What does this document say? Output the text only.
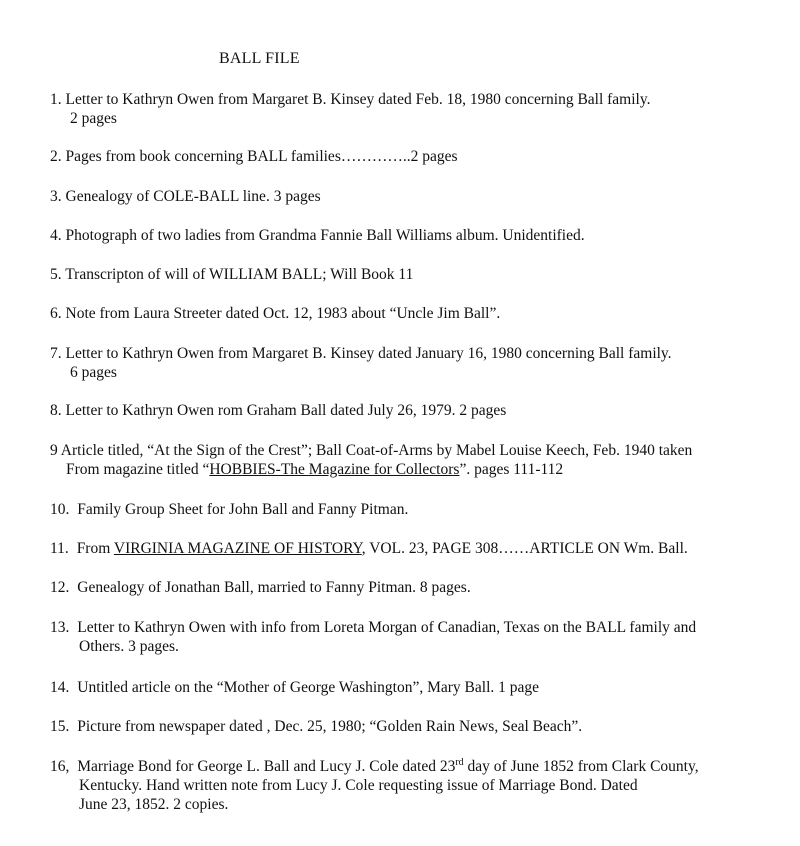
BALL FILE
1. Letter to Kathryn Owen from Margaret B. Kinsey dated Feb. 18, 1980 concerning Ball family.
2 pages
2. Pages from book concerning BALL families…………..2 pages
3. Genealogy of COLE-BALL line. 3 pages
4. Photograph of two ladies from Grandma Fannie Ball Williams album. Unidentified.
5. Transcripton of will of WILLIAM BALL; Will Book 11
6. Note from Laura Streeter dated Oct. 12, 1983 about “Uncle Jim Ball”.
7. Letter to Kathryn Owen from Margaret B. Kinsey dated January 16, 1980 concerning Ball family.
6 pages
8. Letter to Kathryn Owen rom Graham Ball dated July 26, 1979. 2 pages
9 Article titled, “At the Sign of the Crest”; Ball Coat-of-Arms by Mabel Louise Keech, Feb. 1940 taken
From magazine titled “HOBBIES-The Magazine for Collectors”. pages 111-112
10. Family Group Sheet for John Ball and Fanny Pitman.
11. From VIRGINIA MAGAZINE OF HISTORY, VOL. 23, PAGE 308……ARTICLE ON Wm. Ball.
12. Genealogy of Jonathan Ball, married to Fanny Pitman. 8 pages.
13. Letter to Kathryn Owen with info from Loreta Morgan of Canadian, Texas on the BALL family and
Others. 3 pages.
14. Untitled article on the “Mother of George Washington”, Mary Ball. 1 page
15. Picture from newspaper dated , Dec. 25, 1980; “Golden Rain News, Seal Beach”.
16, Marriage Bond for George L. Ball and Lucy J. Cole dated 23rd day of June 1852 from Clark County,
Kentucky. Hand written note from Lucy J. Cole requesting issue of Marriage Bond. Dated
June 23, 1852. 2 copies.
